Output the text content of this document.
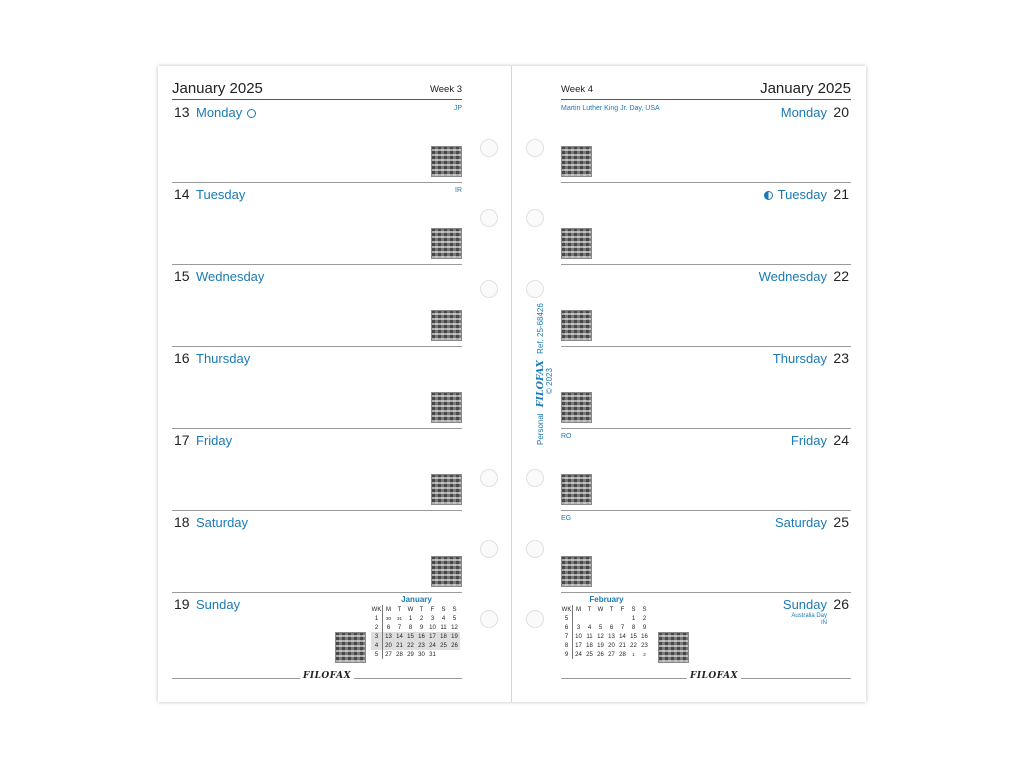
January 2025	Week 3
13 Monday	JP
14 Tuesday	IR
15 Wednesday
16 Thursday
17 Friday
18 Saturday
19 Sunday	January
WK	M	T	W	T	F	S	S
1	30	31	1	2	3	4	5
2	6	7	8	9	10	11	12
3	13	14	15	16	17	18	19
4	20	21	22	23	24	25	26
5	27	28	29	30	31		
FILOFAX
January 2025
Week 4
20
Monday
Martin Luther King Jr. Day, USA
21
Tuesday
22
Wednesday
23
Thursday
24
Friday
RO
25
Saturday
EG
26
Sunday
Australia Day
IN
February
WK	M	T	W	T	F	S	S
5						1	2
6	3	4	5	6	7	8	9
7	10	11	12	13	14	15	16
8	17	18	19	20	21	22	23
9	24	25	26	27	28	1	2
FILOFAX
Personal FILOFAX Ref. 25-68426
© 2023
